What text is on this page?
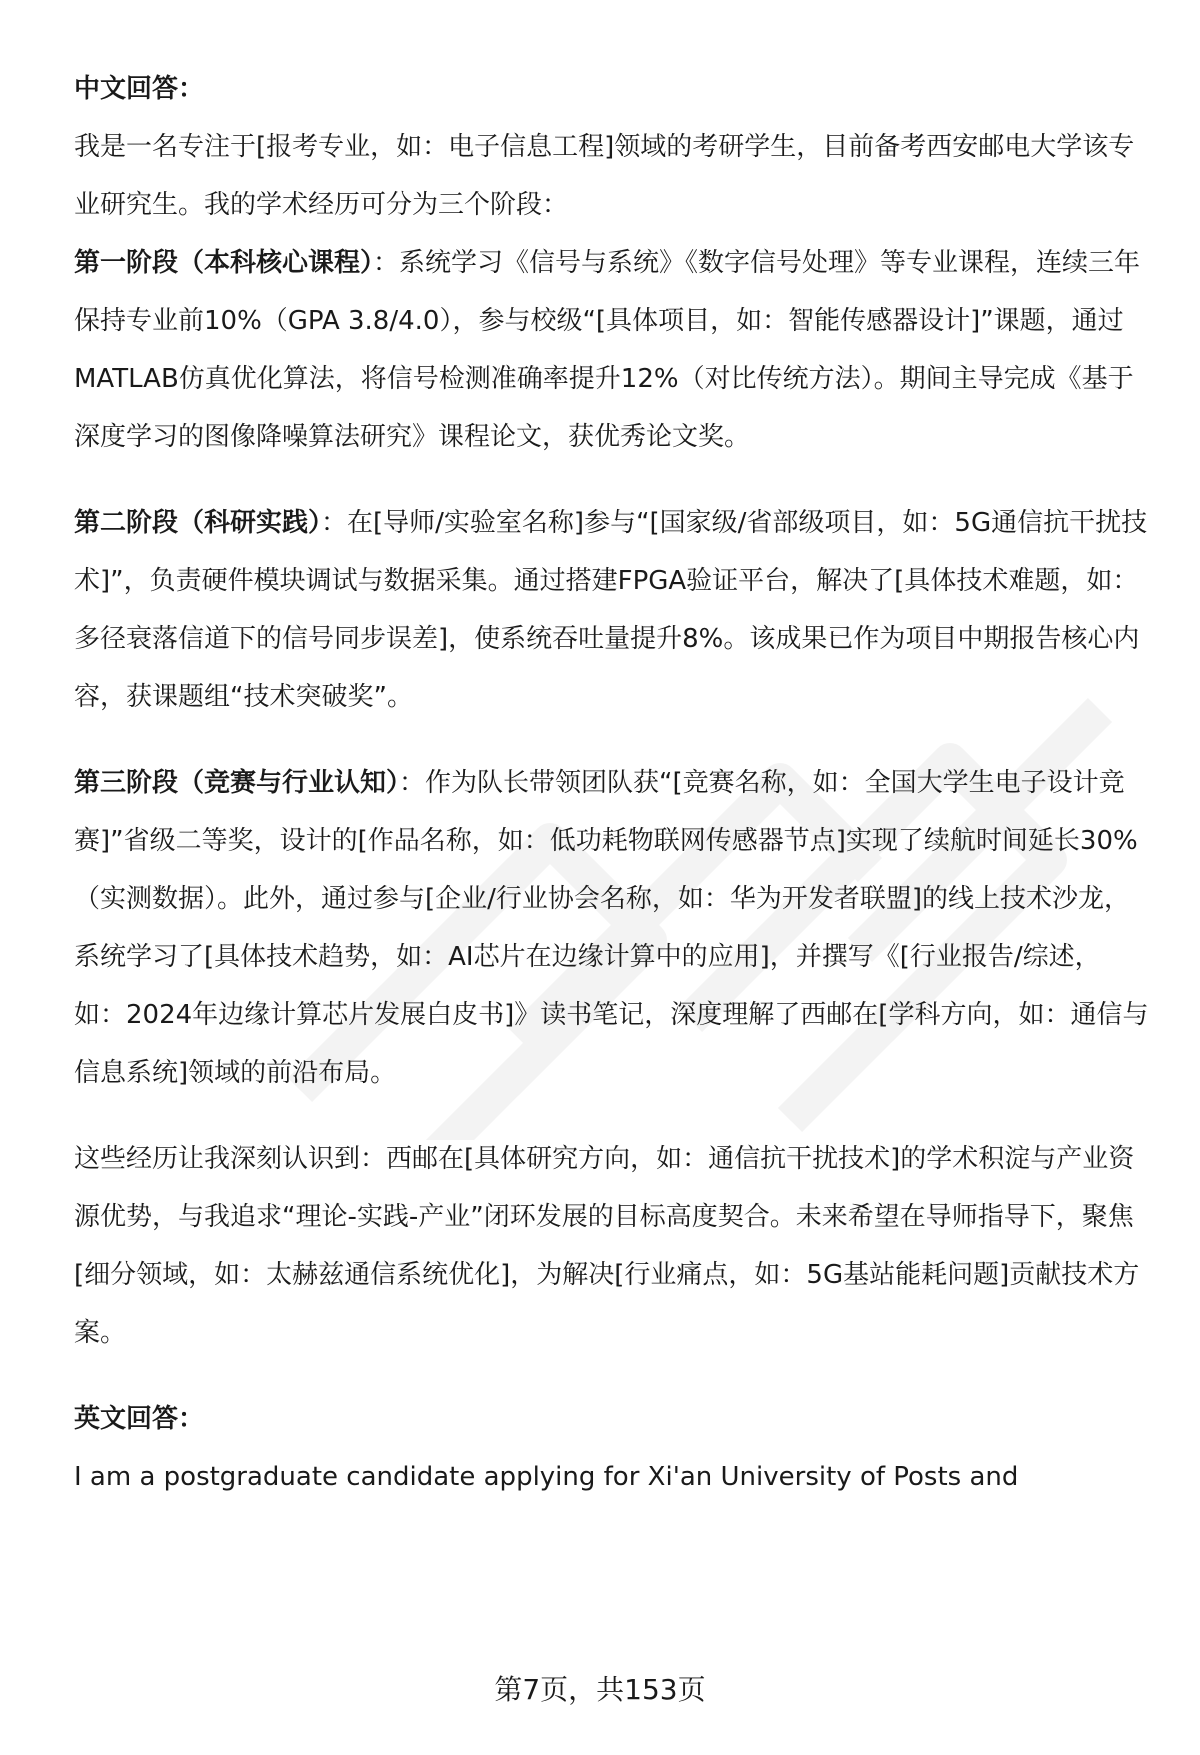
中文回答：

我是一名专注于[报考专业，如：电子信息工程]领域的考研学生，目前备考西安邮电大学该专业研究生。我的学术经历可分为三个阶段：

第一阶段（本科核心课程）：系统学习《信号与系统》《数字信号处理》等专业课程，连续三年保持专业前10%（GPA 3.8/4.0），参与校级“[具体项目，如：智能传感器设计]”课题，通过MATLAB仿真优化算法，将信号检测准确率提升12%（对比传统方法）。期间主导完成《基于深度学习的图像降噪算法研究》课程论文，获优秀论文奖。

第二阶段（科研实践）：在[导师/实验室名称]参与“[国家级/省部级项目，如：5G通信抗干扰技术]”，负责硬件模块调试与数据采集。通过搭建FPGA验证平台，解决了[具体技术难题，如：多径衰落信道下的信号同步误差]，使系统吞吐量提升8%。该成果已作为项目中期报告核心内容，获课题组“技术突破奖”。

第三阶段（竞赛与行业认知）：作为队长带领团队获“[竞赛名称，如：全国大学生电子设计竞赛]”省级二等奖，设计的[作品名称，如：低功耗物联网传感器节点]实现了续航时间延长30%（实测数据）。此外，通过参与[企业/行业协会名称，如：华为开发者联盟]的线上技术沙龙，系统学习了[具体技术趋势，如：AI芯片在边缘计算中的应用]，并撰写《[行业报告/综述，如：2024年边缘计算芯片发展白皮书]》读书笔记，深度理解了西邮在[学科方向，如：通信与信息系统]领域的前沿布局。

这些经历让我深刻认识到：西邮在[具体研究方向，如：通信抗干扰技术]的学术积淀与产业资源优势，与我追求“理论-实践-产业”闭环发展的目标高度契合。未来希望在导师指导下，聚焦[细分领域，如：太赫兹通信系统优化]，为解决[行业痛点，如：5G基站能耗问题]贡献技术方案。

英文回答：

I am a postgraduate candidate applying for Xi'an University of Posts and

第7页，共153页
